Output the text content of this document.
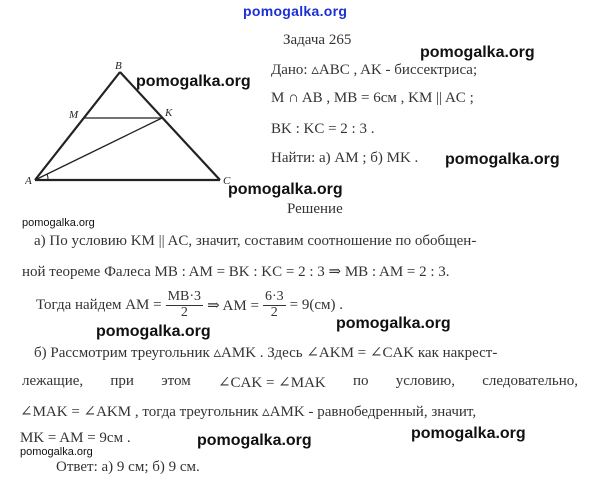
pomogalka.org
A
B
C
M	K
Задача 265
Дано: ▵ABC , AK - биссектриса;
M ∩ AB , MB = 6см , KM || AC ;
BK : KC = 2 : 3 .
Найти: а) AM ; б) MK .
pomogalka.org
pomogalka.org
pomogalka.org
pomogalka.org
Решение
pomogalka.org
а) По условию KM || AC, значит, составим соотношение по обобщен-
ной теореме Фалеса MB : AM = BK : KC = 2 : 3 ⇒ MB : AM = 2 : 3.
Тогда найдем AM = $\frac{MB\cdot 3}{2}$ ⇒ AM = $\frac{6\cdot 3}{2} = 9(см)$ .
pomogalka.org	pomogalka.org
б) Рассмотрим треугольник ▵AMK . Здесь ∠AKM = ∠CAK как накрест-
лежащие, при этом ∠CAK = ∠MAK по условию, следовательно,
∠MAK = ∠AKM , тогда треугольник ▵AMK - равнобедренный, значит,
MK = AM = 9см .	pomogalka.org	pomogalka.org
pomogalka.org
Ответ: а) 9 см; б) 9 см.
